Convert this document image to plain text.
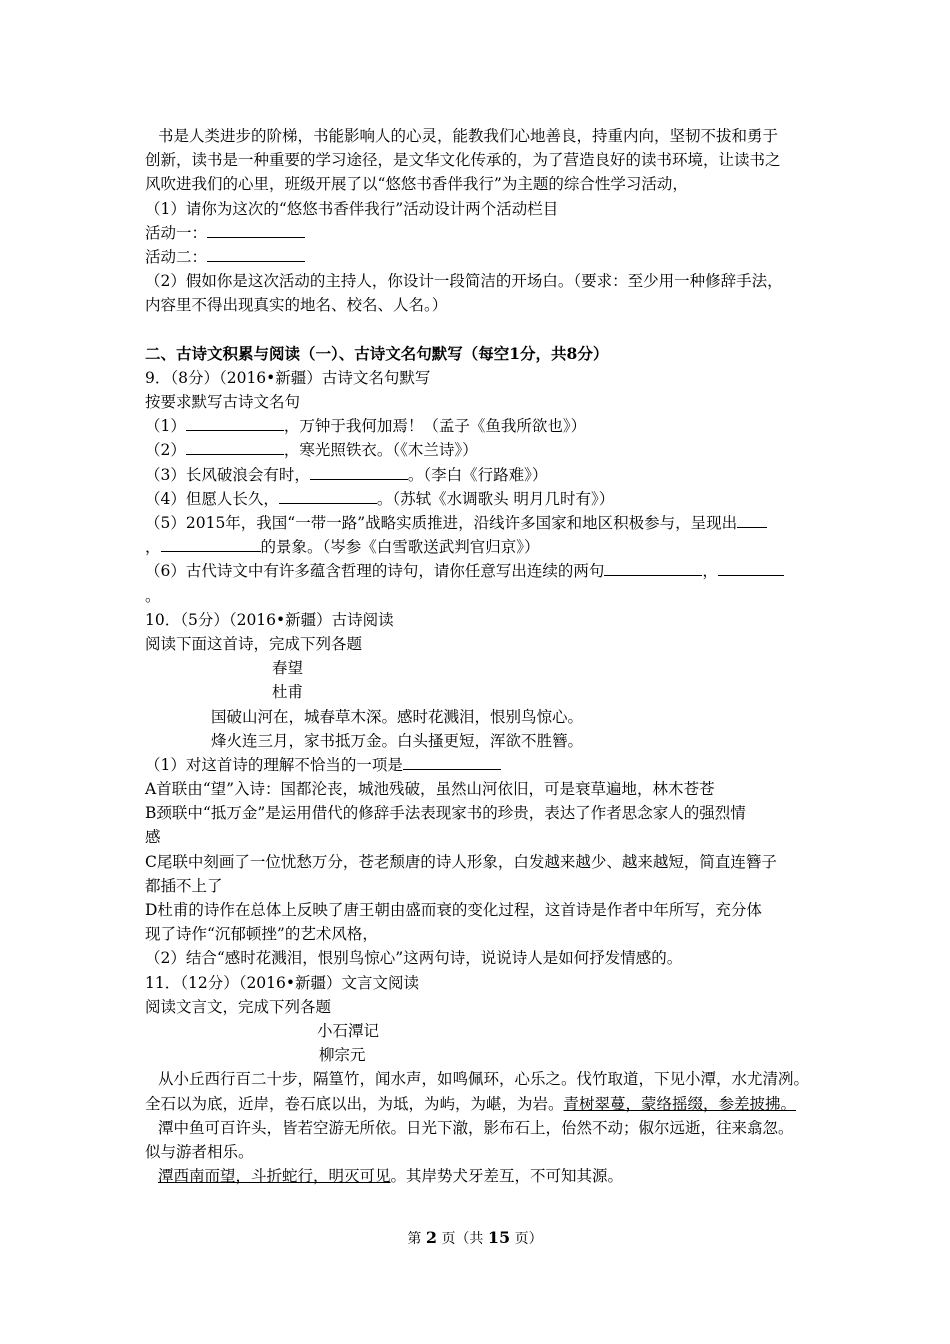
书是人类进步的阶梯，书能影响人的心灵，能教我们心地善良，持重内向，坚韧不拔和勇于
创新，读书是一种重要的学习途径，是文华文化传承的，为了营造良好的读书环境，让读书之
风吹进我们的心里，班级开展了以“悠悠书香伴我行”为主题的综合性学习活动，
（1）请你为这次的“悠悠书香伴我行”活动设计两个活动栏目
活动一：
活动二：
（2）假如你是这次活动的主持人，你设计一段简洁的开场白。（要求：至少用一种修辞手法，
内容里不得出现真实的地名、校名、人名。）
二、古诗文积累与阅读（一）、古诗文名句默写（每空1分，共8分）
9．（8分）（2016•新疆）古诗文名句默写
按要求默写古诗文名句
（1）	，万钟于我何加焉！（孟子《鱼我所欲也》）
（2）	，寒光照铁衣。（《木兰诗》）
（3）长风破浪会有时，	。（李白《行路难》）
（4）但愿人长久，	。（苏轼《水调歌头 明月几时有》）
（5）2015年，我国“一带一路”战略实质推进，沿线许多国家和地区积极参与，呈现出
，	的景象。（岑参《白雪歌送武判官归京》）
（6）古代诗文中有许多蕴含哲理的诗句，请你任意写出连续的两句	，
。
10．（5分）（2016•新疆）古诗阅读
阅读下面这首诗，完成下列各题
春望
杜甫
国破山河在，城春草木深。感时花溅泪，恨别鸟惊心。
烽火连三月，家书抵万金。白头搔更短，浑欲不胜簪。
（1）对这首诗的理解不恰当的一项是
A首联由“望”入诗：国都沦丧，城池残破，虽然山河依旧，可是衰草遍地，林木苍苍
B颈联中“抵万金”是运用借代的修辞手法表现家书的珍贵，表达了作者思念家人的强烈情
感
C尾联中刻画了一位忧愁万分，苍老颓唐的诗人形象，白发越来越少、越来越短，简直连簪子
都插不上了
D杜甫的诗作在总体上反映了唐王朝由盛而衰的变化过程，这首诗是作者中年所写，充分体
现了诗作“沉郁顿挫”的艺术风格，
（2）结合“感时花溅泪，恨别鸟惊心”这两句诗，说说诗人是如何抒发情感的。
11．（12分）（2016•新疆）文言文阅读
阅读文言文，完成下列各题
小石潭记
柳宗元
从小丘西行百二十步，隔篁竹，闻水声，如鸣佩环，心乐之。伐竹取道，下见小潭，水尤清冽。
全石以为底，近岸，卷石底以出，为坻，为屿，为嵁，为岩。青树翠蔓，蒙络摇缀，参差披拂。
潭中鱼可百许头，皆若空游无所依。日光下澈，影布石上，佁然不动；俶尔远逝，往来翕忽。
似与游者相乐。
潭西南而望，斗折蛇行，明灭可见。其岸势犬牙差互，不可知其源。
第 2 页（共 15 页）
